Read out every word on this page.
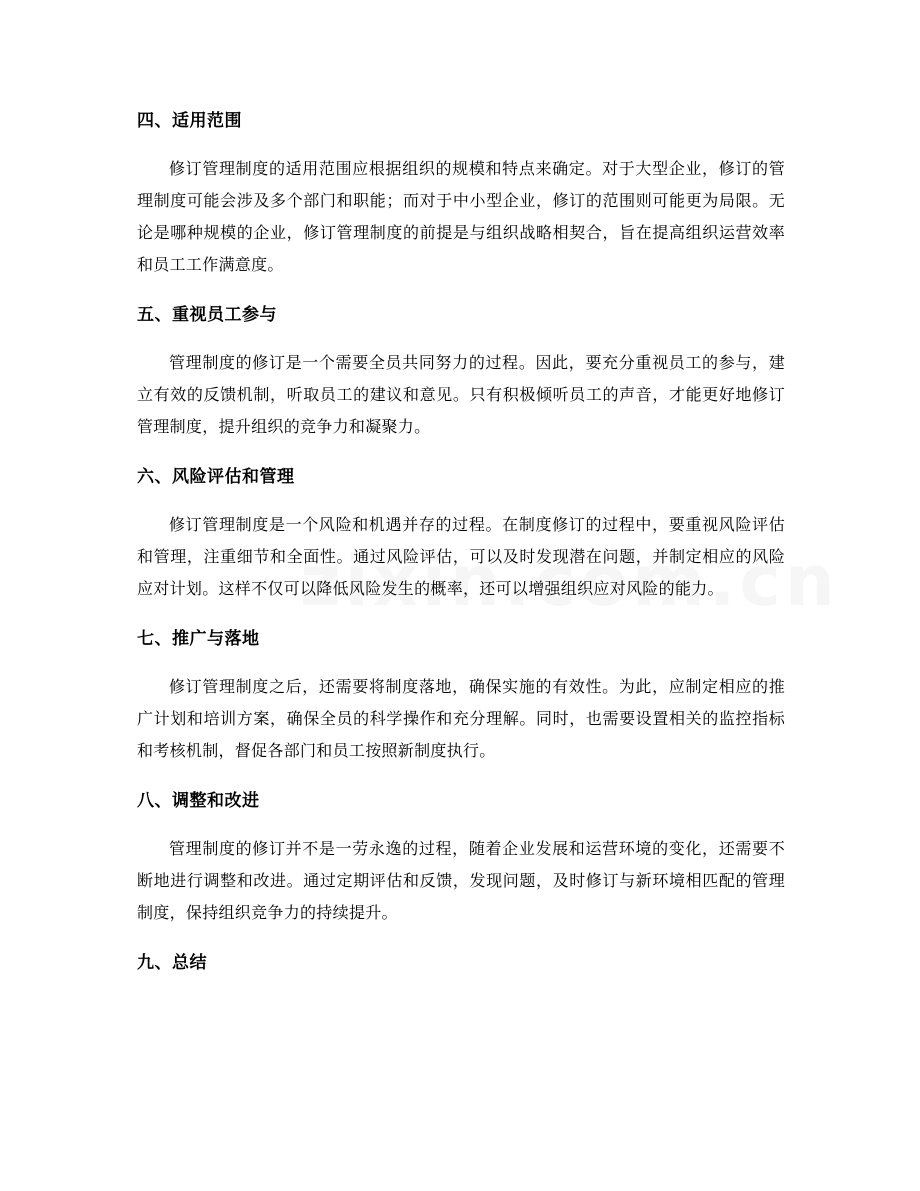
四、适用范围

修订管理制度的适用范围应根据组织的规模和特点来确定。对于大型企业，修订的管理制度可能会涉及多个部门和职能；而对于中小型企业，修订的范围则可能更为局限。无论是哪种规模的企业，修订管理制度的前提是与组织战略相契合，旨在提高组织运营效率和员工工作满意度。

五、重视员工参与

管理制度的修订是一个需要全员共同努力的过程。因此，要充分重视员工的参与，建立有效的反馈机制，听取员工的建议和意见。只有积极倾听员工的声音，才能更好地修订管理制度，提升组织的竞争力和凝聚力。

六、风险评估和管理

修订管理制度是一个风险和机遇并存的过程。在制度修订的过程中，要重视风险评估和管理，注重细节和全面性。通过风险评估，可以及时发现潜在问题，并制定相应的风险应对计划。这样不仅可以降低风险发生的概率，还可以增强组织应对风险的能力。

七、推广与落地

修订管理制度之后，还需要将制度落地，确保实施的有效性。为此，应制定相应的推广计划和培训方案，确保全员的科学操作和充分理解。同时，也需要设置相关的监控指标和考核机制，督促各部门和员工按照新制度执行。

八、调整和改进

管理制度的修订并不是一劳永逸的过程，随着企业发展和运营环境的变化，还需要不断地进行调整和改进。通过定期评估和反馈，发现问题，及时修订与新环境相匹配的管理制度，保持组织竞争力的持续提升。

九、总结
